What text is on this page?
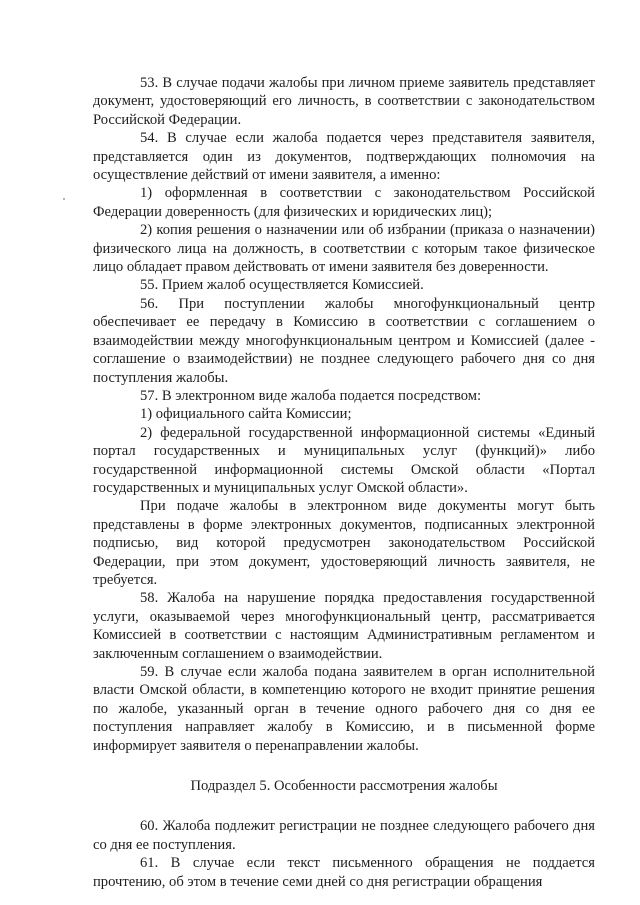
53. В случае подачи жалобы при личном приеме заявитель представляет документ, удостоверяющий его личность, в соответствии с законодательством Российской Федерации.

54. В случае если жалоба подается через представителя заявителя, представляется один из документов, подтверждающих полномочия на осуществление действий от имени заявителя, а именно:

1) оформленная в соответствии с законодательством Российской Федерации доверенность (для физических и юридических лиц);

2) копия решения о назначении или об избрании (приказа о назначении) физического лица на должность, в соответствии с которым такое физическое лицо обладает правом действовать от имени заявителя без доверенности.

55. Прием жалоб осуществляется Комиссией.

56. При поступлении жалобы многофункциональный центр обеспечивает ее передачу в Комиссию в соответствии с соглашением о взаимодействии между многофункциональным центром и Комиссией (далее - соглашение о взаимодействии) не позднее следующего рабочего дня со дня поступления жалобы.

57. В электронном виде жалоба подается посредством:

1) официального сайта Комиссии;

2) федеральной государственной информационной системы «Единый портал государственных и муниципальных услуг (функций)» либо государственной информационной системы Омской области «Портал государственных и муниципальных услуг Омской области».

При подаче жалобы в электронном виде документы могут быть представлены в форме электронных документов, подписанных электронной подписью, вид которой предусмотрен законодательством Российской Федерации, при этом документ, удостоверяющий личность заявителя, не требуется.

58. Жалоба на нарушение порядка предоставления государственной услуги, оказываемой через многофункциональный центр, рассматривается Комиссией в соответствии с настоящим Административным регламентом и заключенным соглашением о взаимодействии.

59. В случае если жалоба подана заявителем в орган исполнительной власти Омской области, в компетенцию которого не входит принятие решения по жалобе, указанный орган в течение одного рабочего дня со дня ее поступления направляет жалобу в Комиссию, и в письменной форме информирует заявителя о перенаправлении жалобы.

Подраздел 5. Особенности рассмотрения жалобы

60. Жалоба подлежит регистрации не позднее следующего рабочего дня со дня ее поступления.

61. В случае если текст письменного обращения не поддается прочтению, об этом в течение семи дней со дня регистрации обращения
